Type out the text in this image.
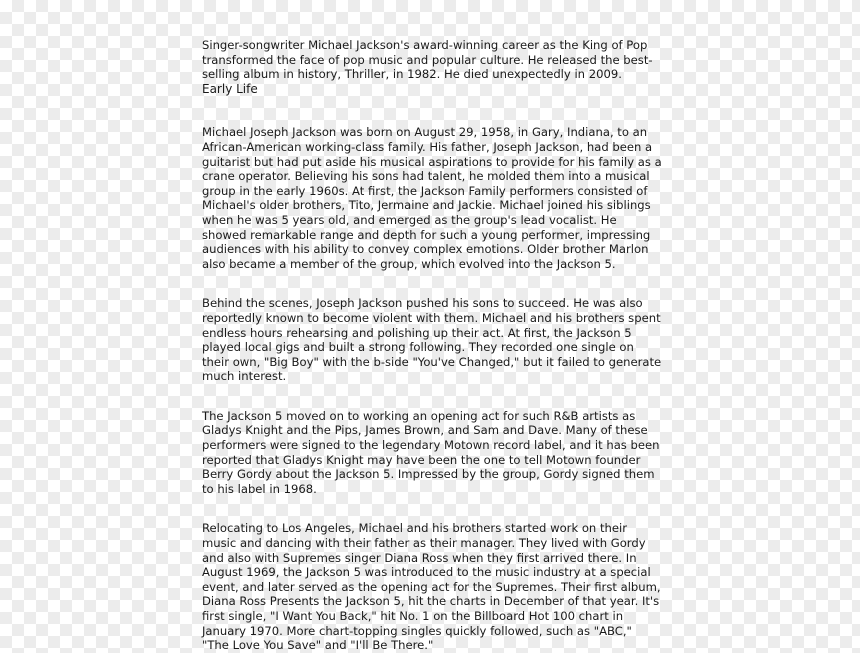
Singer-songwriter Michael Jackson's award-winning career as the King of Pop transformed the face of pop music and popular culture. He released the best-selling album in history, Thriller, in 1982. He died unexpectedly in 2009.

Early Life

Michael Joseph Jackson was born on August 29, 1958, in Gary, Indiana, to an African-American working-class family. His father, Joseph Jackson, had been a guitarist but had put aside his musical aspirations to provide for his family as a crane operator. Believing his sons had talent, he molded them into a musical group in the early 1960s. At first, the Jackson Family performers consisted of Michael's older brothers, Tito, Jermaine and Jackie. Michael joined his siblings when he was 5 years old, and emerged as the group's lead vocalist. He showed remarkable range and depth for such a young performer, impressing audiences with his ability to convey complex emotions. Older brother Marlon also became a member of the group, which evolved into the Jackson 5.

Behind the scenes, Joseph Jackson pushed his sons to succeed. He was also reportedly known to become violent with them. Michael and his brothers spent endless hours rehearsing and polishing up their act. At first, the Jackson 5 played local gigs and built a strong following. They recorded one single on their own, "Big Boy" with the b-side "You've Changed," but it failed to generate much interest.

The Jackson 5 moved on to working an opening act for such R&B artists as Gladys Knight and the Pips, James Brown, and Sam and Dave. Many of these performers were signed to the legendary Motown record label, and it has been reported that Gladys Knight may have been the one to tell Motown founder Berry Gordy about the Jackson 5. Impressed by the group, Gordy signed them to his label in 1968.

Relocating to Los Angeles, Michael and his brothers started work on their music and dancing with their father as their manager. They lived with Gordy and also with Supremes singer Diana Ross when they first arrived there. In August 1969, the Jackson 5 was introduced to the music industry at a special event, and later served as the opening act for the Supremes. Their first album, Diana Ross Presents the Jackson 5, hit the charts in December of that year. It's first single, "I Want You Back," hit No. 1 on the Billboard Hot 100 chart in January 1970. More chart-topping singles quickly followed, such as "ABC," "The Love You Save" and "I'll Be There."
